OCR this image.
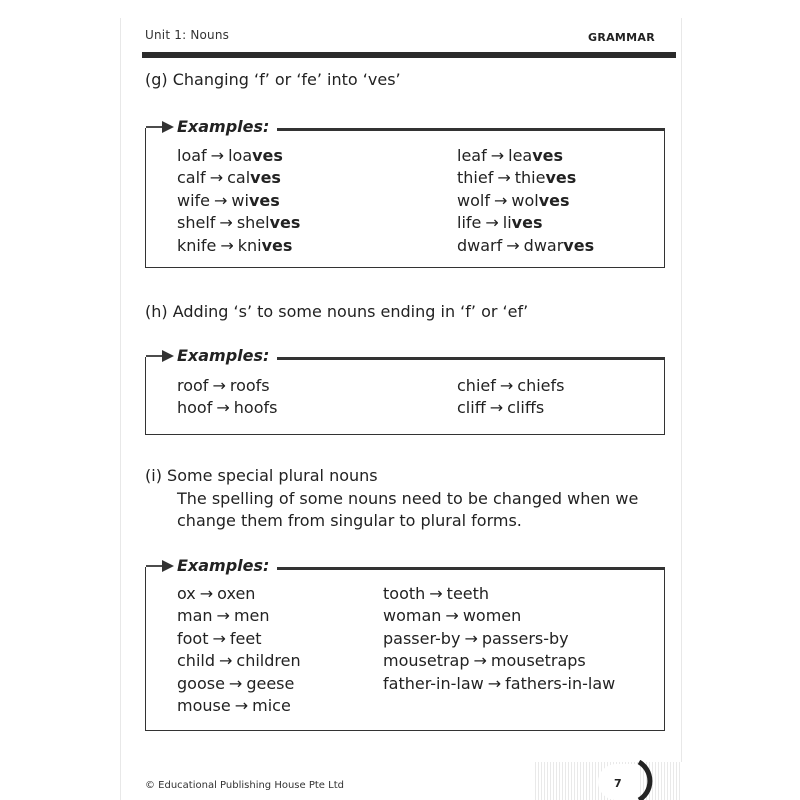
Unit 1: Nouns	GRAMMAR
(g) Changing ‘f’ or ‘fe’ into ‘ves’
Examples:
loaf → loaves
calf → calves
wife → wives
shelf → shelves
knife → knives
leaf → leaves
thief → thieves
wolf → wolves
life → lives
dwarf → dwarves
(h) Adding ‘s’ to some nouns ending in ‘f’ or ‘ef’
Examples:
roof → roofs
hoof → hoofs
chief → chiefs
cliff → cliffs
(i) Some special plural nouns
The spelling of some nouns need to be changed when we
change them from singular to plural forms.
Examples:
ox → oxen
man → men
foot → feet
child → children
goose → geese
mouse → mice
tooth → teeth
woman → women
passer-by → passers-by
mousetrap → mousetraps
father-in-law → fathers-in-law
© Educational Publishing House Pte Ltd	7
